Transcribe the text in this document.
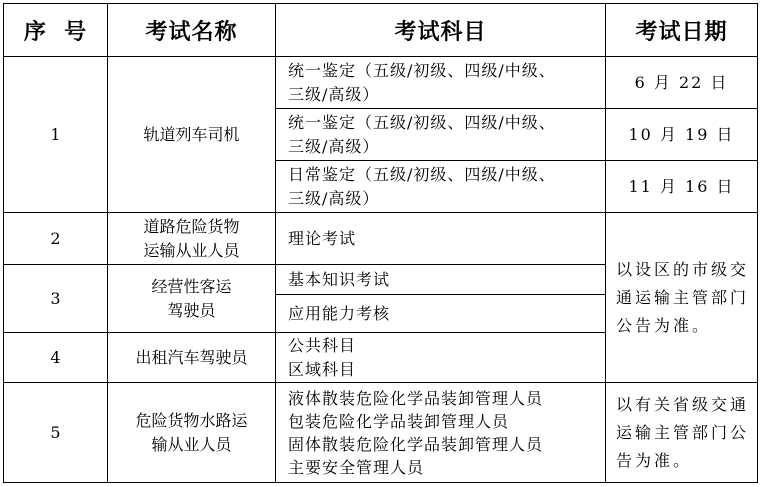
序  号	考试名称	考试科目	考试日期
1	轨道列车司机	统一鉴定（五级/初级、四级/中级、
三级/高级）	6 月 22 日
		统一鉴定（五级/初级、四级/中级、
三级/高级）	10 月 19 日
		日常鉴定（五级/初级、四级/中级、
三级/高级）	11 月 16 日
2	道路危险货物
运输从业人员	理论考试	以设区的市级交通运输主管部门公告为准。
3	经营性客运
驾驶员	基本知识考试	
		应用能力考核	
4	出租汽车驾驶员	公共科目
区域科目	
5	危险货物水路运
输从业人员	液体散装危险化学品装卸管理人员
包装危险化学品装卸管理人员
固体散装危险化学品装卸管理人员
主要安全管理人员	以有关省级交通运输主管部门公告为准。
